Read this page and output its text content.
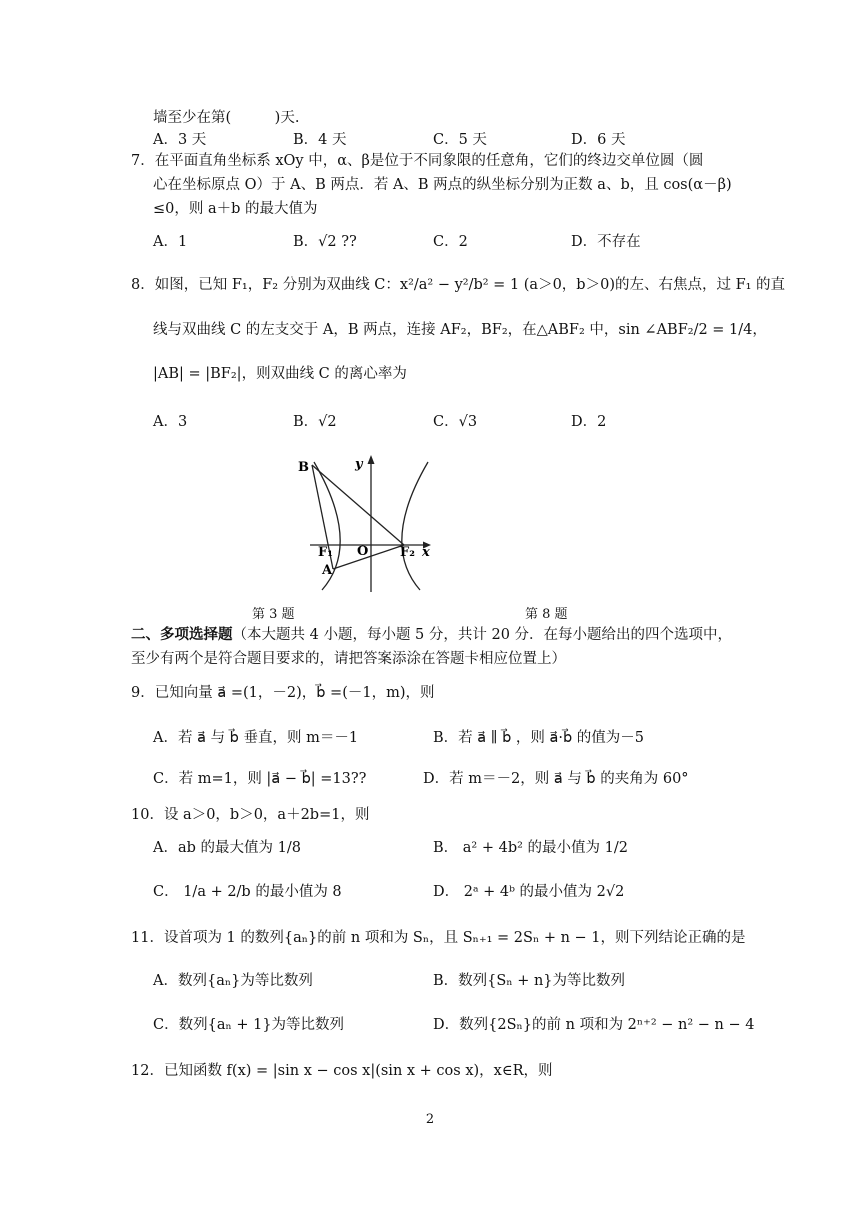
墙至少在第(　　　)天.
A．3 天	B．4 天	C．5 天	D．6 天
7．在平面直角坐标系 xOy 中，α、β是位于不同象限的任意角，它们的终边交单位圆（圆
心在坐标原点 O）于 A、B 两点．若 A、B 两点的纵坐标分别为正数 a、b，且 cos(α－β)
≤0，则 a＋b 的最大值为
A．1	B．√2 ??	C．2	D．不存在
8．如图，已知 F₁，F₂ 分别为双曲线 C：x²/a² − y²/b² = 1 (a＞0，b＞0)的左、右焦点，过 F₁ 的直
线与双曲线 C 的左支交于 A，B 两点，连接 AF₂，BF₂，在△ABF₂ 中，sin ∠ABF₂/2 = 1/4，
|AB| = |BF₂|，则双曲线 C 的离心率为
A．3	B．√2	C．√3	D．2
B	y
F₁ O F₂ x
A
第 3 题	第 8 题
二、多项选择题（本大题共 4 小题，每小题 5 分，共计 20 分．在每小题给出的四个选项中，
至少有两个是符合题目要求的，请把答案添涂在答题卡相应位置上）
9．已知向量 a⃗ =(1，－2)，b⃗ =(－1，m)，则
A．若 a⃗ 与 b⃗ 垂直，则 m＝－1	B．若 a⃗ ∥ b⃗ ，则 a⃗·b⃗ 的值为－5
C．若 m=1，则 |a⃗ − b⃗| =13??	D．若 m＝－2，则 a⃗ 与 b⃗ 的夹角为 60°
10．设 a＞0，b＞0，a＋2b=1，则
A．ab 的最大值为 1/8	B． a² + 4b² 的最小值为 1/2
C． 1/a + 2/b 的最小值为 8	D． 2ᵃ + 4ᵇ 的最小值为 2√2
11．设首项为 1 的数列{aₙ}的前 n 项和为 Sₙ，且 Sₙ₊₁ = 2Sₙ + n − 1，则下列结论正确的是
A．数列{aₙ}为等比数列	B．数列{Sₙ + n}为等比数列
C．数列{aₙ + 1}为等比数列	D．数列{2Sₙ}的前 n 项和为 2ⁿ⁺² − n² − n − 4
12．已知函数 f(x) = |sin x − cos x|(sin x + cos x)，x∈R，则
2
